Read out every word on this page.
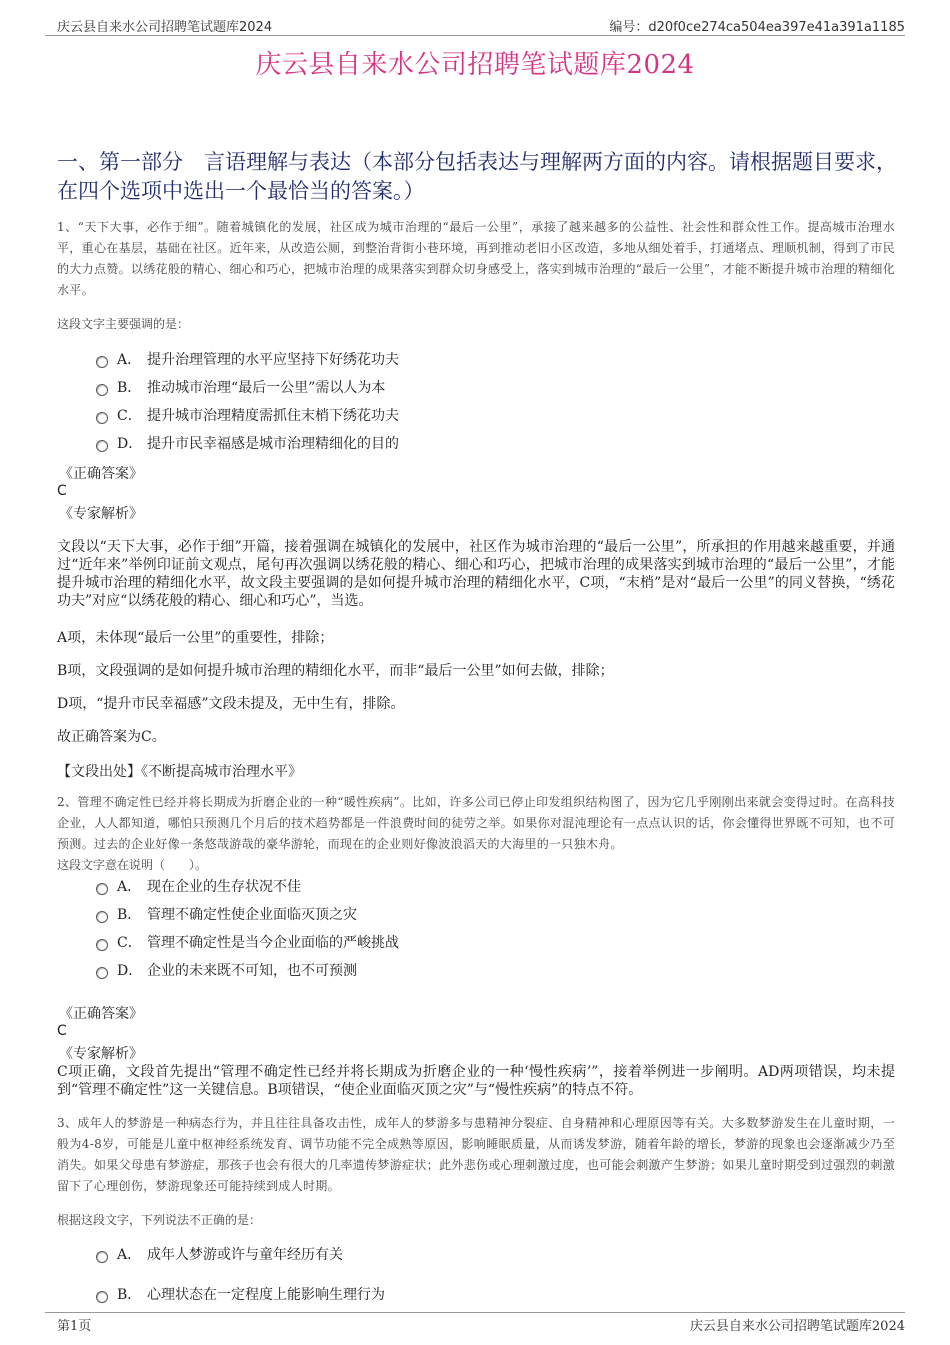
庆云县自来水公司招聘笔试题库2024	编号：d20f0ce274ca504ea397e41a391a1185
庆云县自来水公司招聘笔试题库2024
一、第一部分　言语理解与表达（本部分包括表达与理解两方面的内容。请根据题目要求，在四个选项中选出一个最恰当的答案。）
1、“天下大事，必作于细”。随着城镇化的发展，社区成为城市治理的“最后一公里”，承接了越来越多的公益性、社会性和群众性工作。提高城市治理水平，重心在基层，基础在社区。近年来，从改造公厕，到整治背街小巷环境，再到推动老旧小区改造，多地从细处着手，打通堵点、理顺机制，得到了市民的大力点赞。以绣花般的精心、细心和巧心，把城市治理的成果落实到群众切身感受上，落实到城市治理的“最后一公里”，才能不断提升城市治理的精细化水平。
这段文字主要强调的是：
A． 提升治理管理的水平应坚持下好绣花功夫
B． 推动城市治理“最后一公里”需以人为本
C． 提升城市治理精度需抓住末梢下绣花功夫
D． 提升市民幸福感是城市治理精细化的目的
《正确答案》
C
《专家解析》
文段以“天下大事，必作于细”开篇，接着强调在城镇化的发展中，社区作为城市治理的“最后一公里”，所承担的作用越来越重要，并通过“近年来”举例印证前文观点，尾句再次强调以绣花般的精心、细心和巧心，把城市治理的成果落实到城市治理的“最后一公里”，才能提升城市治理的精细化水平，故文段主要强调的是如何提升城市治理的精细化水平，C项，“末梢”是对“最后一公里”的同义替换，“绣花功夫”对应“以绣花般的精心、细心和巧心”，当选。
A项，未体现“最后一公里”的重要性，排除；
B项，文段强调的是如何提升城市治理的精细化水平，而非“最后一公里”如何去做，排除；
D项，“提升市民幸福感”文段未提及，无中生有，排除。
故正确答案为C。
【文段出处】《不断提高城市治理水平》
2、管理不确定性已经并将长期成为折磨企业的一种“暖性疾病”。比如，许多公司已停止印发组织结构图了，因为它几乎刚刚出来就会变得过时。在高科技企业，人人都知道，哪怕只预测几个月后的技术趋势都是一件浪费时间的徒劳之举。如果你对混沌理论有一点点认识的话，你会懂得世界既不可知，也不可预测。过去的企业好像一条悠哉游哉的豪华游轮，而现在的企业则好像波浪滔天的大海里的一只独木舟。
这段文字意在说明（　　）。
A． 现在企业的生存状况不佳
B． 管理不确定性使企业面临灭顶之灾
C． 管理不确定性是当今企业面临的严峻挑战
D． 企业的未来既不可知，也不可预测
《正确答案》
C
《专家解析》
C项正确，文段首先提出“管理不确定性已经并将长期成为折磨企业的一种‘慢性疾病’”，接着举例进一步阐明。AD两项错误，均未提到“管理不确定性”这一关键信息。B项错误，“使企业面临灭顶之灾”与“慢性疾病”的特点不符。
3、成年人的梦游是一种病态行为，并且往往具备攻击性，成年人的梦游多与患精神分裂症、自身精神和心理原因等有关。大多数梦游发生在儿童时期，一般为4-8岁，可能是儿童中枢神经系统发育、调节功能不完全成熟等原因，影响睡眠质量，从而诱发梦游，随着年龄的增长，梦游的现象也会逐渐减少乃至消失。如果父母患有梦游症，那孩子也会有很大的几率遗传梦游症状；此外悲伤或心理刺激过度，也可能会刺激产生梦游；如果儿童时期受到过强烈的刺激留下了心理创伤，梦游现象还可能持续到成人时期。
根据这段文字，下列说法不正确的是：
A． 成年人梦游或许与童年经历有关
B． 心理状态在一定程度上能影响生理行为
第1页	庆云县自来水公司招聘笔试题库2024
